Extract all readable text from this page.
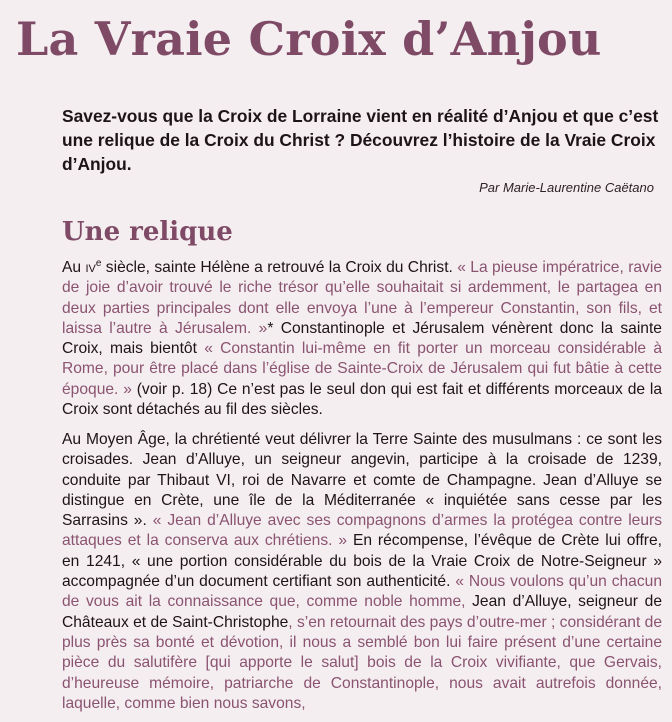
La Vraie Croix d’Anjou

Savez-vous que la Croix de Lorraine vient en réalité d’Anjou et que c’est une relique de la Croix du Christ ? Découvrez l’histoire de la Vraie Croix d’Anjou.

Par Marie-Laurentine Caëtano
Une relique

Au $iv^e$ siècle, sainte Hélène a retrouvé la Croix du Christ. « La pieuse impératrice, ravie de joie d’avoir trouvé le riche trésor qu’elle souhaitait si ardemment, le partagea en deux parties principales dont elle envoya l’une à l’empereur Constantin, son fils, et laissa l’autre à Jérusalem. »* Constantinople et Jérusalem vénèrent donc la sainte Croix, mais bientôt « Constantin lui-même en fit porter un morceau considérable à Rome, pour être placé dans l’église de Sainte-Croix de Jérusalem qui fut bâtie à cette époque. » (voir p. 18) Ce n’est pas le seul don qui est fait et différents morceaux de la Croix sont détachés au fil des siècles.

Au Moyen Âge, la chrétienté veut délivrer la Terre Sainte des musulmans : ce sont les croisades. Jean d’Alluye, un seigneur angevin, participe à la croisade de 1239, conduite par Thibaut VI, roi de Navarre et comte de Champagne. Jean d’Alluye se distingue en Crète, une île de la Méditerranée « inquiétée sans cesse par les Sarrasins ». « Jean d’Alluye avec ses compagnons d’armes la protégea contre leurs attaques et la conserva aux chrétiens. » En récompense, l’évêque de Crète lui offre, en 1241, « une portion considérable du bois de la Vraie Croix de Notre-Seigneur » accompagnée d’un document certifiant son authenticité. « Nous voulons qu’un chacun de vous ait la connaissance que, comme noble homme, Jean d’Alluye, seigneur de Châteaux et de Saint-Christophe, s’en retournait des pays d’outre-mer ; considérant de plus près sa bonté et dévotion, il nous a semblé bon lui faire présent d’une certaine pièce du salutifère [qui apporte le salut] bois de la Croix vivifiante, que Gervais, d’heureuse mémoire, patriarche de Constantinople, nous avait autrefois donnée, laquelle, comme bien nous savons,
